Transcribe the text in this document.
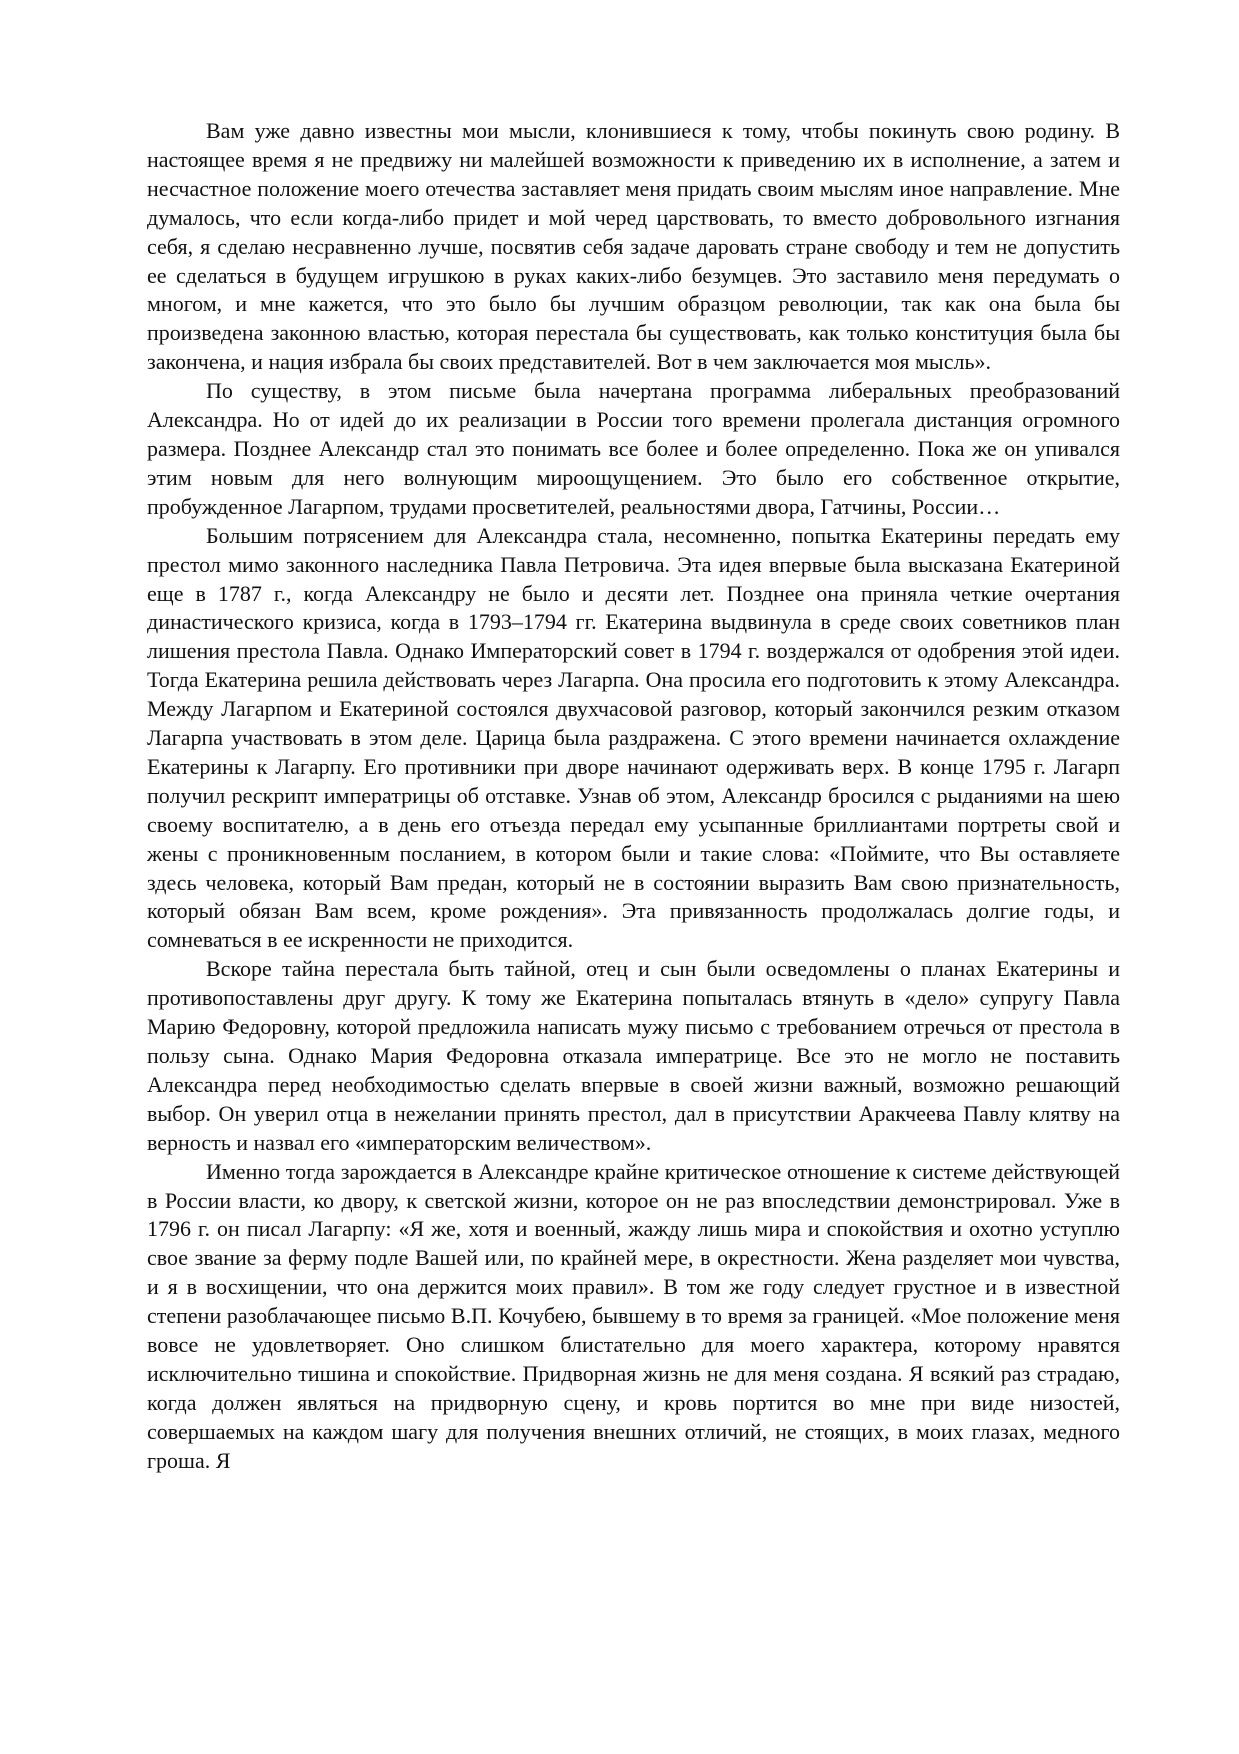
Вам уже давно известны мои мысли, клонившиеся к тому, чтобы покинуть свою родину. В настоящее время я не предвижу ни малейшей возможности к приведению их в исполнение, а затем и несчастное положение моего отечества заставляет меня придать своим мыслям иное направление. Мне думалось, что если когда-либо придет и мой черед царствовать, то вместо добровольного изгнания себя, я сделаю несравненно лучше, посвятив себя задаче даровать стране свободу и тем не допустить ее сделаться в будущем игрушкою в руках каких-либо безумцев. Это заставило меня передумать о многом, и мне кажется, что это было бы лучшим образцом революции, так как она была бы произведена законною властью, которая перестала бы существовать, как только конституция была бы закончена, и нация избрала бы своих представителей. Вот в чем заключается моя мысль».

По существу, в этом письме была начертана программа либеральных преобразований Александра. Но от идей до их реализации в России того времени пролегала дистанция огромного размера. Позднее Александр стал это понимать все более и более определенно. Пока же он упивался этим новым для него волнующим мироощущением. Это было его собственное открытие, пробужденное Лагарпом, трудами просветителей, реальностями двора, Гатчины, России…

Большим потрясением для Александра стала, несомненно, попытка Екатерины передать ему престол мимо законного наследника Павла Петровича. Эта идея впервые была высказана Екатериной еще в 1787 г., когда Александру не было и десяти лет. Позднее она приняла четкие очертания династического кризиса, когда в 1793–1794 гг. Екатерина выдвинула в среде своих советников план лишения престола Павла. Однако Императорский совет в 1794 г. воздержался от одобрения этой идеи. Тогда Екатерина решила действовать через Лагарпа. Она просила его подготовить к этому Александра. Между Лагарпом и Екатериной состоялся двухчасовой разговор, который закончился резким отказом Лагарпа участвовать в этом деле. Царица была раздражена. С этого времени начинается охлаждение Екатерины к Лагарпу. Его противники при дворе начинают одерживать верх. В конце 1795 г. Лагарп получил рескрипт императрицы об отставке. Узнав об этом, Александр бросился с рыданиями на шею своему воспитателю, а в день его отъезда передал ему усыпанные бриллиантами портреты свой и жены с проникновенным посланием, в котором были и такие слова: «Поймите, что Вы оставляете здесь человека, который Вам предан, который не в состоянии выразить Вам свою признательность, который обязан Вам всем, кроме рождения». Эта привязанность продолжалась долгие годы, и сомневаться в ее искренности не приходится.

Вскоре тайна перестала быть тайной, отец и сын были осведомлены о планах Екатерины и противопоставлены друг другу. К тому же Екатерина попыталась втянуть в «дело» супругу Павла Марию Федоровну, которой предложила написать мужу письмо с требованием отречься от престола в пользу сына. Однако Мария Федоровна отказала императрице. Все это не могло не поставить Александра перед необходимостью сделать впервые в своей жизни важный, возможно решающий выбор. Он уверил отца в нежелании принять престол, дал в присутствии Аракчеева Павлу клятву на верность и назвал его «императорским величеством».

Именно тогда зарождается в Александре крайне критическое отношение к системе действующей в России власти, ко двору, к светской жизни, которое он не раз впоследствии демонстрировал. Уже в 1796 г. он писал Лагарпу: «Я же, хотя и военный, жажду лишь мира и спокойствия и охотно уступлю свое звание за ферму подле Вашей или, по крайней мере, в окрестности. Жена разделяет мои чувства, и я в восхищении, что она держится моих правил». В том же году следует грустное и в известной степени разоблачающее письмо В.П. Кочубею, бывшему в то время за границей. «Мое положение меня вовсе не удовлетворяет. Оно слишком блистательно для моего характера, которому нравятся исключительно тишина и спокойствие. Придворная жизнь не для меня создана. Я всякий раз страдаю, когда должен являться на придворную сцену, и кровь портится во мне при виде низостей, совершаемых на каждом шагу для получения внешних отличий, не стоящих, в моих глазах, медного гроша. Я
